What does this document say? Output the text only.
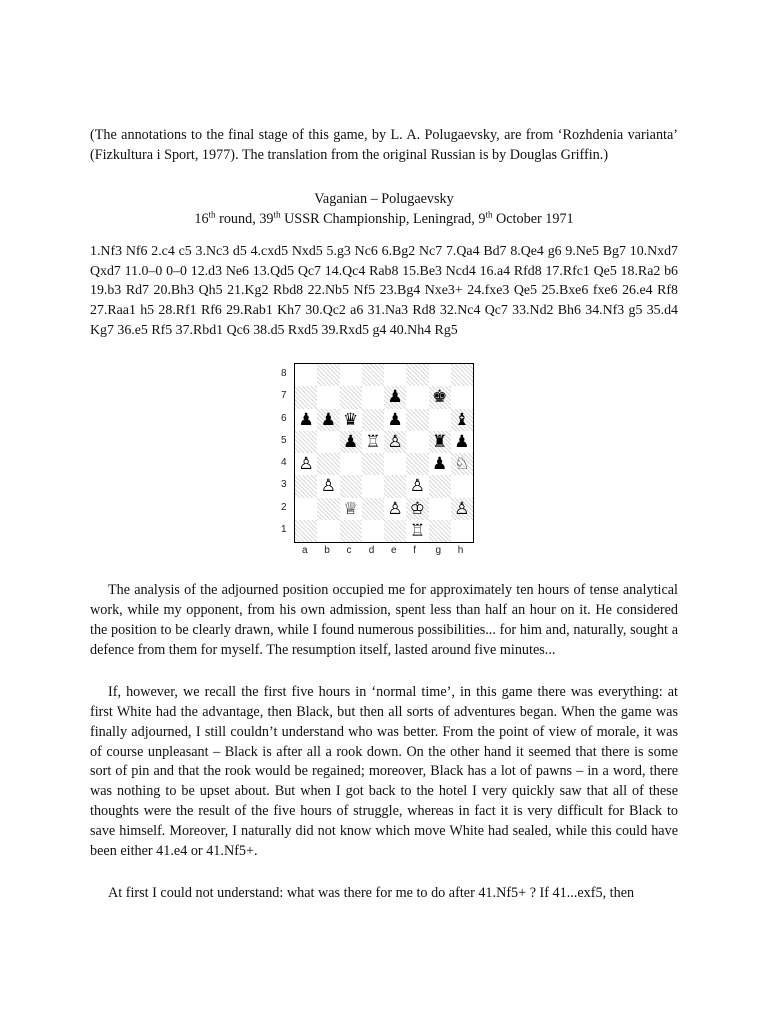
(The annotations to the final stage of this game, by L. A. Polugaevsky, are from ‘Rozhdenia varianta’ (Fizkultura i Sport, 1977). The translation from the original Russian is by Douglas Griffin.)

Vaganian – Polugaevsky
16th round, 39th USSR Championship, Leningrad, 9th October 1971

1.Nf3 Nf6 2.c4 c5 3.Nc3 d5 4.cxd5 Nxd5 5.g3 Nc6 6.Bg2 Nc7 7.Qa4 Bd7 8.Qe4 g6 9.Ne5 Bg7 10.Nxd7 Qxd7 11.0–0 0–0 12.d3 Ne6 13.Qd5 Qc7 14.Qc4 Rab8 15.Be3 Ncd4 16.a4 Rfd8 17.Rfc1 Qe5 18.Ra2 b6 19.b3 Rd7 20.Bh3 Qh5 21.Kg2 Rbd8 22.Nb5 Nf5 23.Bg4 Nxe3+ 24.fxe3 Qe5 25.Bxe6 fxe6 26.e4 Rf8 27.Raa1 h5 28.Rf1 Rf6 29.Rab1 Kh7 30.Qc2 a6 31.Na3 Rd8 32.Nc4 Qc7 33.Nd2 Bh6 34.Nf3 g5 35.d4 Kg7 36.e5 Rf5 37.Rbd1 Qc6 38.d5 Rxd5 39.Rxd5 g4 40.Nh4 Rg5

♟ ♚
♟ ♟ ♛ ♟	♝
♟ ♖ ♙ ♜ ♟
♙	♟ ♘
♙	♙
♕ ♙ ♔ ♙
♖
8
7
6
5
4
3
2
1
a b c d e f g h

The analysis of the adjourned position occupied me for approximately ten hours of tense analytical work, while my opponent, from his own admission, spent less than half an hour on it. He considered the position to be clearly drawn, while I found numerous possibilities... for him and, naturally, sought a defence from them for myself. The resumption itself, lasted around five minutes...

If, however, we recall the first five hours in ‘normal time’, in this game there was everything: at first White had the advantage, then Black, but then all sorts of adventures began. When the game was finally adjourned, I still couldn’t understand who was better. From the point of view of morale, it was of course unpleasant – Black is after all a rook down. On the other hand it seemed that there is some sort of pin and that the rook would be regained; moreover, Black has a lot of pawns – in a word, there was nothing to be upset about. But when I got back to the hotel I very quickly saw that all of these thoughts were the result of the five hours of struggle, whereas in fact it is very difficult for Black to save himself. Moreover, I naturally did not know which move White had sealed, while this could have been either 41.e4 or 41.Nf5+.

At first I could not understand: what was there for me to do after 41.Nf5+ ? If 41...exf5, then
